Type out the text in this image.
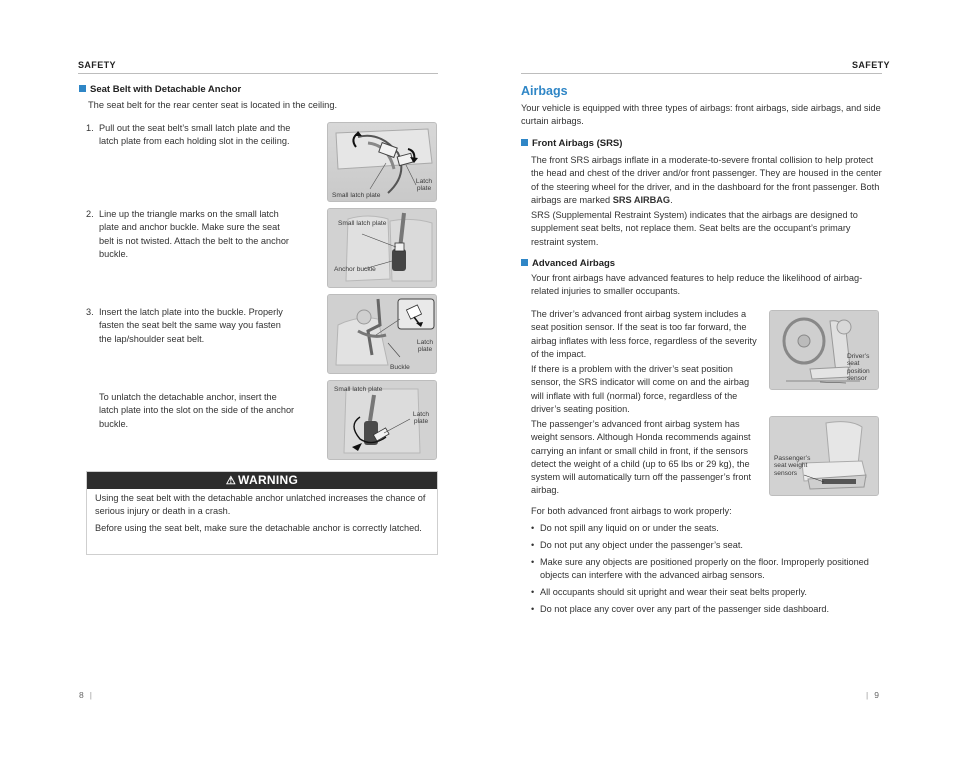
SAFETY
Seat Belt with Detachable Anchor
The seat belt for the rear center seat is located in the ceiling.
1. Pull out the seat belt’s small latch plate and the latch plate from each holding slot in the ceiling.
2. Line up the triangle marks on the small latch plate and anchor buckle. Make sure the seat belt is not twisted. Attach the belt to the anchor buckle.
3. Insert the latch plate into the buckle. Properly fasten the seat belt the same way you fasten the lap/shoulder seat belt.
To unlatch the detachable anchor, insert the latch plate into the slot on the side of the anchor buckle.
Small latch plate
Latch plate
Small latch plate
Anchor buckle
Latch plate
Buckle
Small latch plate
Latch plate
⚠ WARNING
Using the seat belt with the detachable anchor unlatched increases the chance of serious injury or death in a crash.
Before using the seat belt, make sure the detachable anchor is correctly latched.
8 |
SAFETY
Airbags
Your vehicle is equipped with three types of airbags: front airbags, side airbags, and side curtain airbags.
Front Airbags (SRS)
The front SRS airbags inflate in a moderate-to-severe frontal collision to help protect the head and chest of the driver and/or front passenger. They are housed in the center of the steering wheel for the driver, and in the dashboard for the front passenger. Both airbags are marked SRS AIRBAG.
SRS (Supplemental Restraint System) indicates that the airbags are designed to supplement seat belts, not replace them. Seat belts are the occupant’s primary restraint system.
Advanced Airbags
Your front airbags have advanced features to help reduce the likelihood of airbag-related injuries to smaller occupants.
The driver’s advanced front airbag system includes a seat position sensor. If the seat is too far forward, the airbag inflates with less force, regardless of the severity of the impact.
If there is a problem with the driver’s seat position sensor, the SRS indicator will come on and the airbag will inflate with full (normal) force, regardless of the driver’s seating position.
The passenger’s advanced front airbag system has weight sensors. Although Honda recommends against carrying an infant or small child in front, if the sensors detect the weight of a child (up to 65 lbs or 29 kg), the system will automatically turn off the passenger’s front airbag.
For both advanced front airbags to work properly:
• Do not spill any liquid on or under the seats.
• Do not put any object under the passenger’s seat.
• Make sure any objects are positioned properly on the floor. Improperly positioned objects can interfere with the advanced airbag sensors.
• All occupants should sit upright and wear their seat belts properly.
• Do not place any cover over any part of the passenger side dashboard.
Driver’s seat position sensor
Passenger’s seat weight sensors
| 9
